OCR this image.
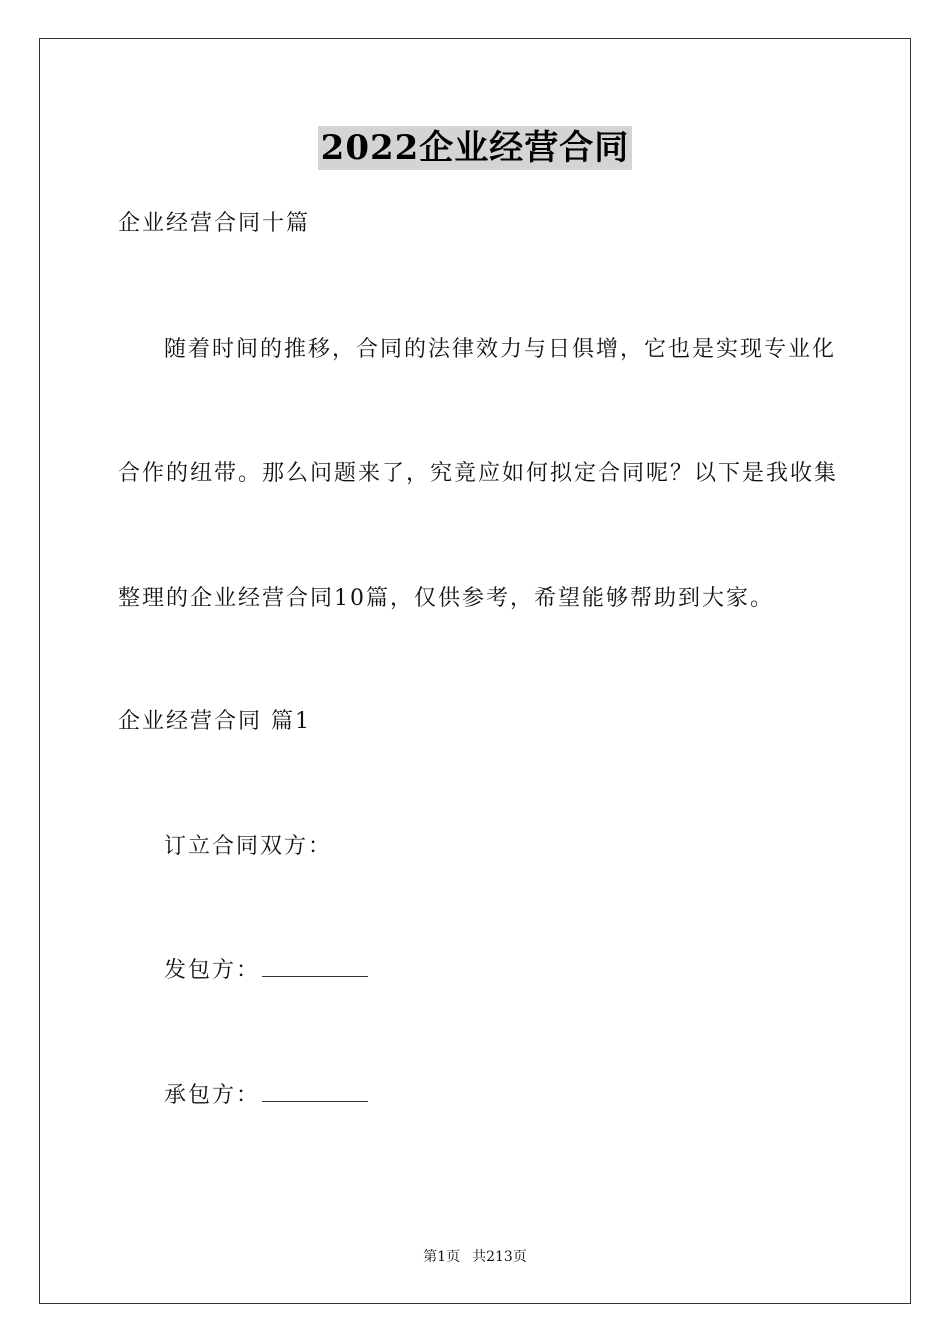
2022企业经营合同
企业经营合同十篇
随着时间的推移，合同的法律效力与日俱增，它也是实现专业化
合作的纽带。那么问题来了，究竟应如何拟定合同呢？以下是我收集
整理的企业经营合同10篇，仅供参考，希望能够帮助到大家。
企业经营合同 篇1
订立合同双方：
发包方：
承包方：
第1页 共213页
